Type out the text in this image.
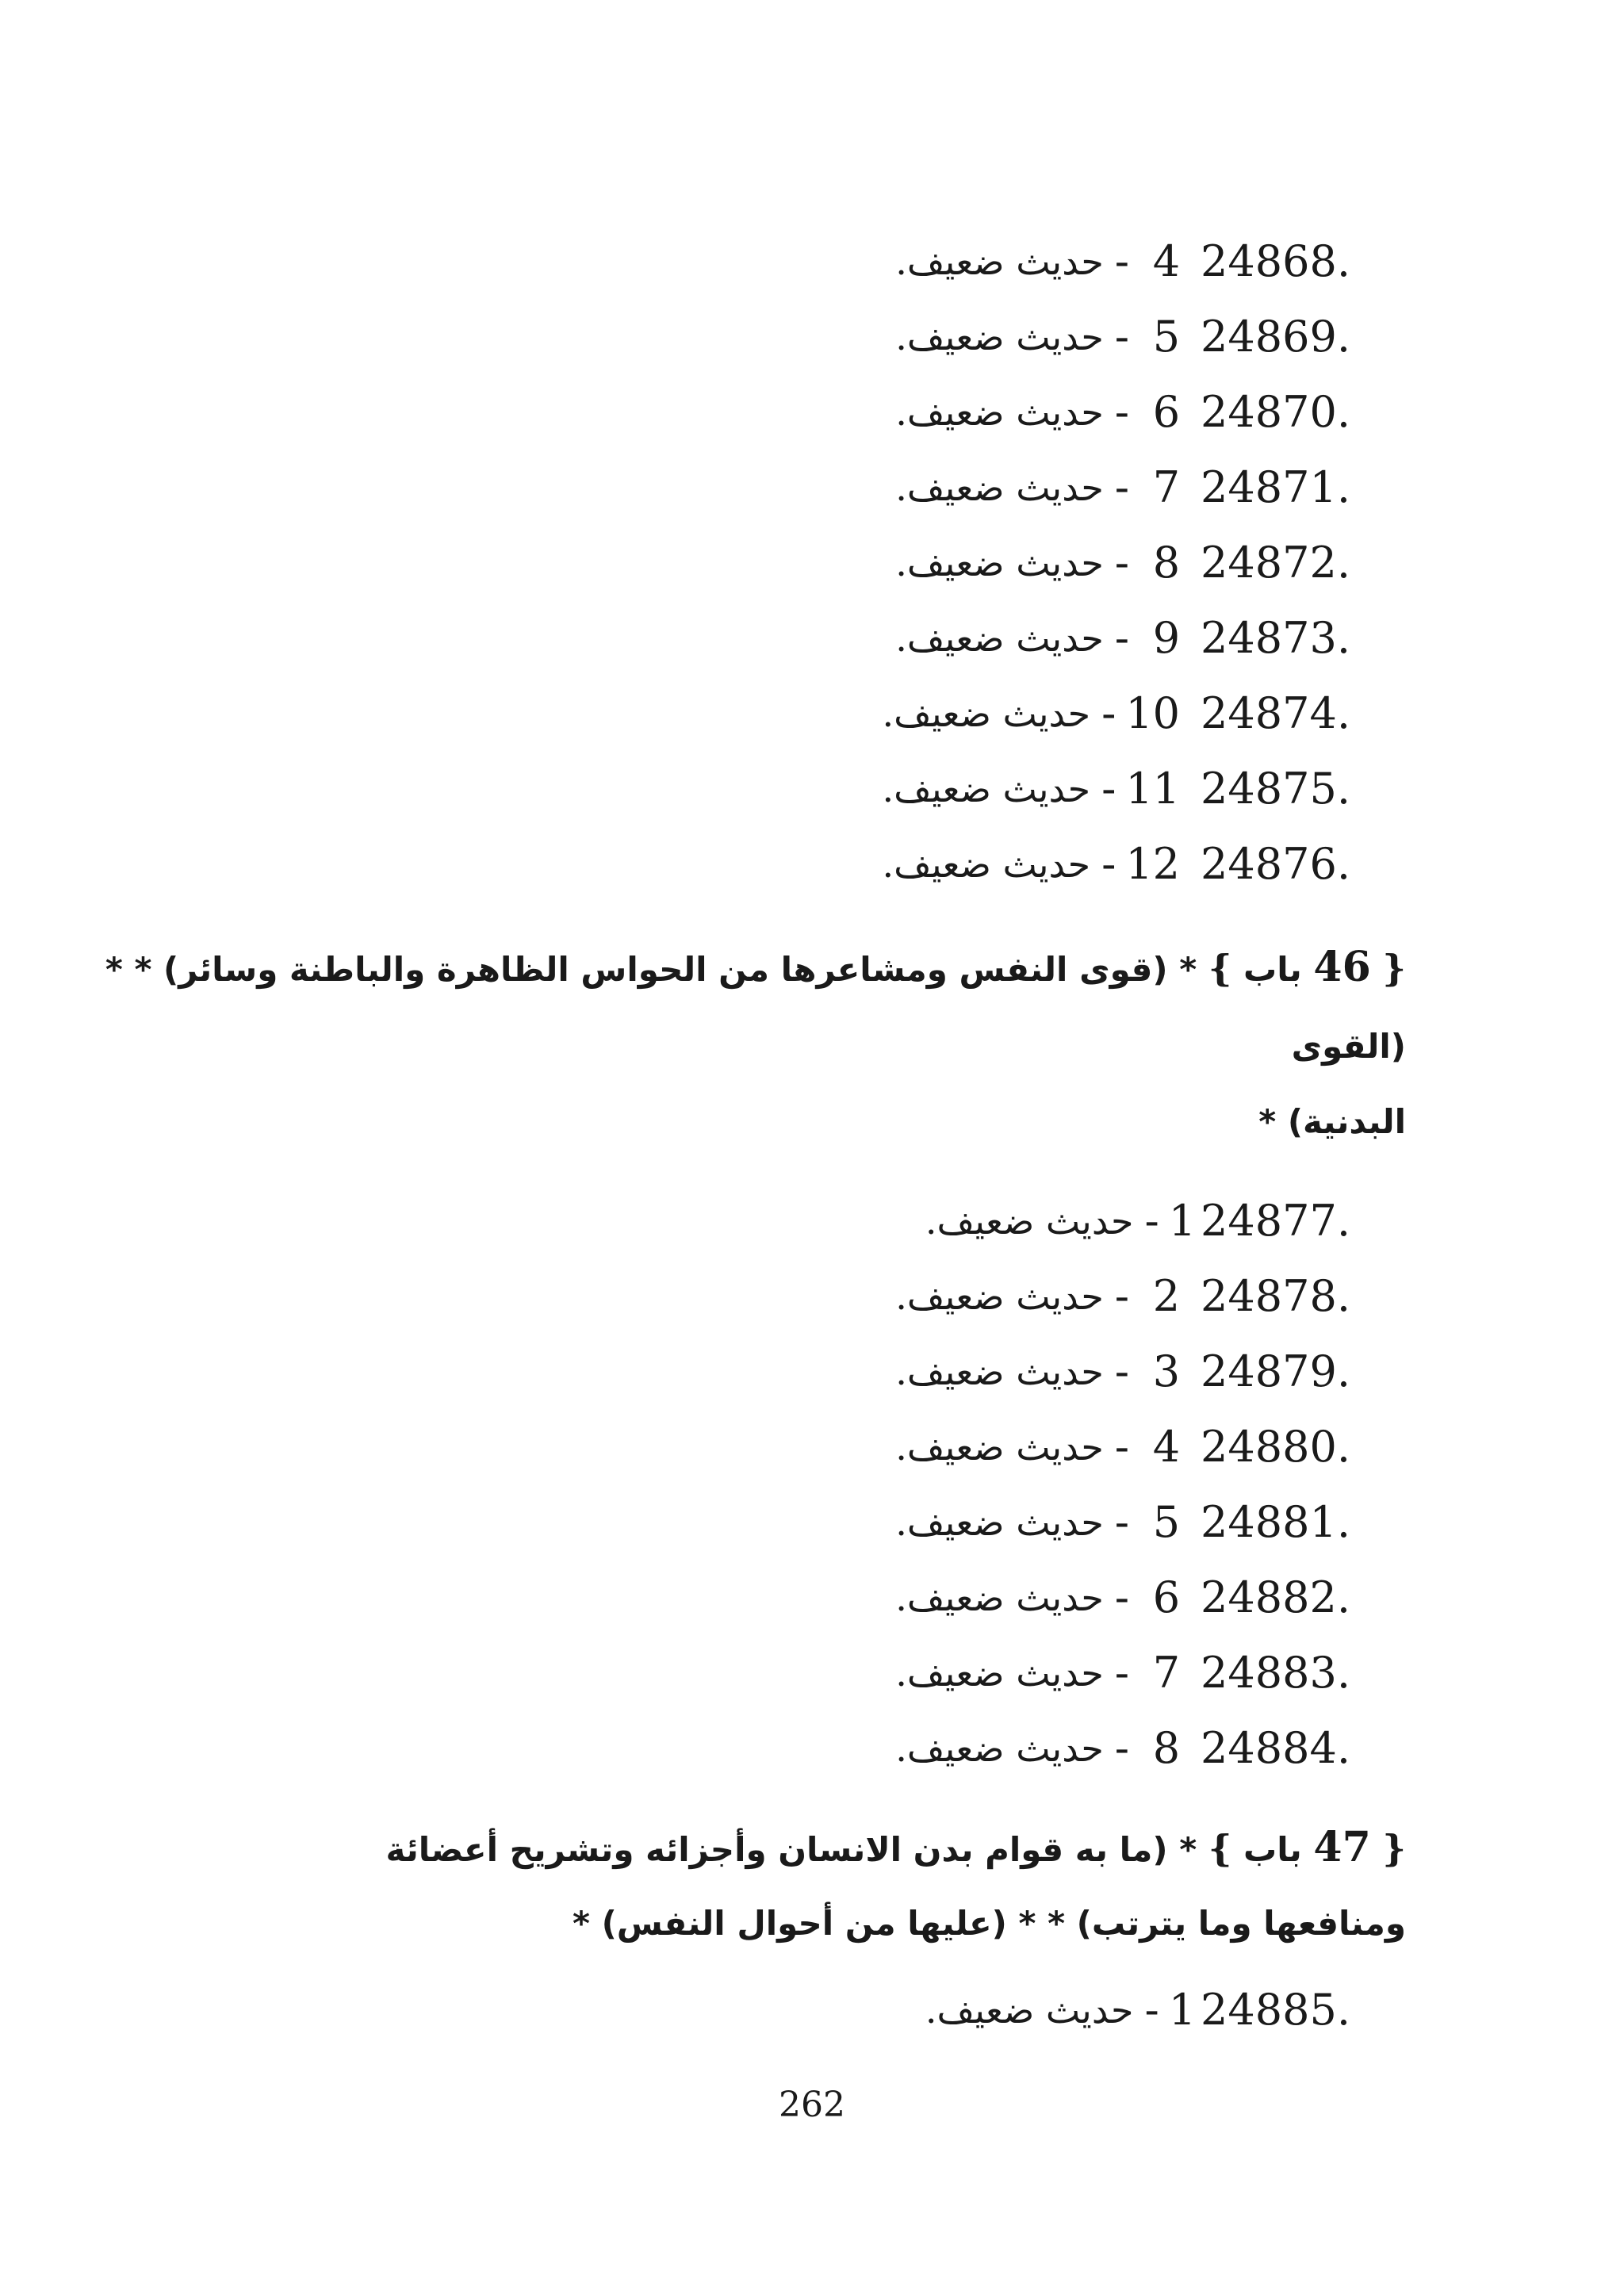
حديث ضعيف. - 4 24868.
حديث ضعيف. - 5 24869.
حديث ضعيف. - 6 24870.
حديث ضعيف. - 7 24871.
حديث ضعيف. - 8 24872.
حديث ضعيف. - 9 24873.
حديث ضعيف. - 10 24874.
حديث ضعيف. - 11 24875.
حديث ضعيف. - 12 24876.
{ 46 باب } * (قوى النفس ومشاعرها من الحواس الظاهرة والباطنة وسائر) * *
(القوى
البدنية) *
حديث ضعيف. - 1 24877.
حديث ضعيف. - 2 24878.
حديث ضعيف. - 3 24879.
حديث ضعيف. - 4 24880.
حديث ضعيف. - 5 24881.
حديث ضعيف. - 6 24882.
حديث ضعيف. - 7 24883.
حديث ضعيف. - 8 24884.
{ 47 باب } * (ما به قوام بدن الانسان وأجزائه وتشريح أعضائة
ومنافعها وما يترتب) * * (عليها من أحوال النفس) *
حديث ضعيف. - 1 24885.
262
